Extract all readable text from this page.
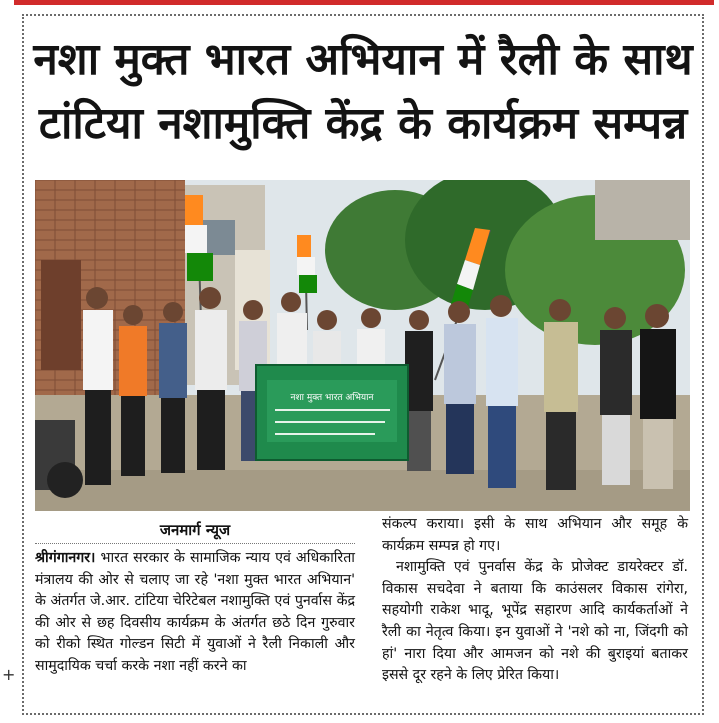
नशा मुक्त भारत अभियान में रैली के साथ
टांटिया नशामुक्ति केंद्र के कार्यक्रम सम्पन्न
नशा मुक्त भारत अभियान
जनमार्ग न्यूज

श्रीगंगानगर। भारत सरकार के सामाजिक न्याय एवं अधिकारिता मंत्रालय की ओर से चलाए जा रहे 'नशा मुक्त भारत अभियान' के अंतर्गत जे.आर. टांटिया चेरिटेबल नशामुक्ति एवं पुनर्वास केंद्र की ओर से छह दिवसीय कार्यक्रम के अंतर्गत छठे दिन गुरुवार को रीको स्थित गोल्डन सिटी में युवाओं ने रैली निकाली और सामुदायिक चर्चा करके नशा नहीं करने का

संकल्प कराया। इसी के साथ अभियान और समूह के कार्यक्रम सम्पन्न हो गए।

नशामुक्ति एवं पुनर्वास केंद्र के प्रोजेक्ट डायरेक्टर डॉ. विकास सचदेवा ने बताया कि काउंसलर विकास रांगेरा, सहयोगी राकेश भादू, भूपेंद्र सहारण आदि कार्यकर्ताओं ने रैली का नेतृत्व किया। इन युवाओं ने 'नशे को ना, जिंदगी को हां' नारा दिया और आमजन को नशे की बुराइयां बताकर इससे दूर रहने के लिए प्रेरित किया।

+
